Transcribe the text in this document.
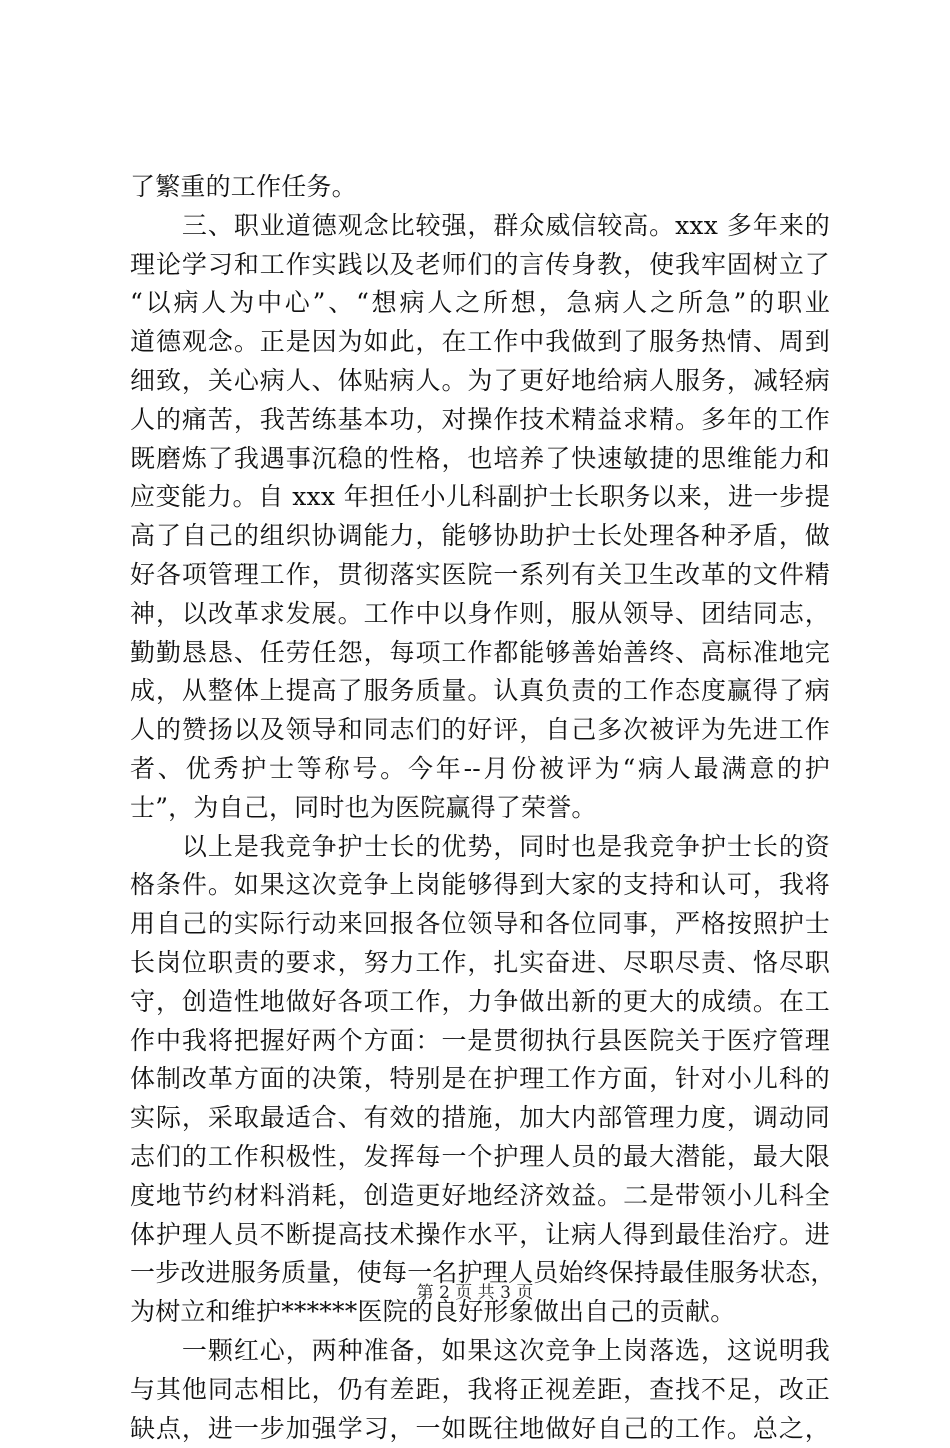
了繁重的工作任务。
　　三、职业道德观念比较强，群众威信较高。xxx 多年来的
理论学习和工作实践以及老师们的言传身教，使我牢固树立了
“以病人为中心”、“想病人之所想，急病人之所急”的职业
道德观念。正是因为如此，在工作中我做到了服务热情、周到
细致，关心病人、体贴病人。为了更好地给病人服务，减轻病
人的痛苦，我苦练基本功，对操作技术精益求精。多年的工作
既磨炼了我遇事沉稳的性格，也培养了快速敏捷的思维能力和
应变能力。自 xxx 年担任小儿科副护士长职务以来，进一步提
高了自己的组织协调能力，能够协助护士长处理各种矛盾，做
好各项管理工作，贯彻落实医院一系列有关卫生改革的文件精
神，以改革求发展。工作中以身作则，服从领导、团结同志，
勤勤恳恳、任劳任怨，每项工作都能够善始善终、高标准地完
成，从整体上提高了服务质量。认真负责的工作态度赢得了病
人的赞扬以及领导和同志们的好评，自己多次被评为先进工作
者、优秀护士等称号。今年--月份被评为“病人最满意的护
士”，为自己，同时也为医院赢得了荣誉。
　　以上是我竞争护士长的优势，同时也是我竞争护士长的资
格条件。如果这次竞争上岗能够得到大家的支持和认可，我将
用自己的实际行动来回报各位领导和各位同事，严格按照护士
长岗位职责的要求，努力工作，扎实奋进、尽职尽责、恪尽职
守，创造性地做好各项工作，力争做出新的更大的成绩。在工
作中我将把握好两个方面：一是贯彻执行县医院关于医疗管理
体制改革方面的决策，特别是在护理工作方面，针对小儿科的
实际，采取最适合、有效的措施，加大内部管理力度，调动同
志们的工作积极性，发挥每一个护理人员的最大潜能，最大限
度地节约材料消耗，创造更好地经济效益。二是带领小儿科全
体护理人员不断提高技术操作水平，让病人得到最佳治疗。进
一步改进服务质量，使每一名护理人员始终保持最佳服务状态，
为树立和维护******医院的良好形象做出自己的贡献。
　　一颗红心，两种准备，如果这次竞争上岗落选，这说明我
与其他同志相比，仍有差距，我将正视差距，查找不足，改正
缺点，进一步加强学习，一如既往地做好自己的工作。总之，
第 2 页 共 3 页
